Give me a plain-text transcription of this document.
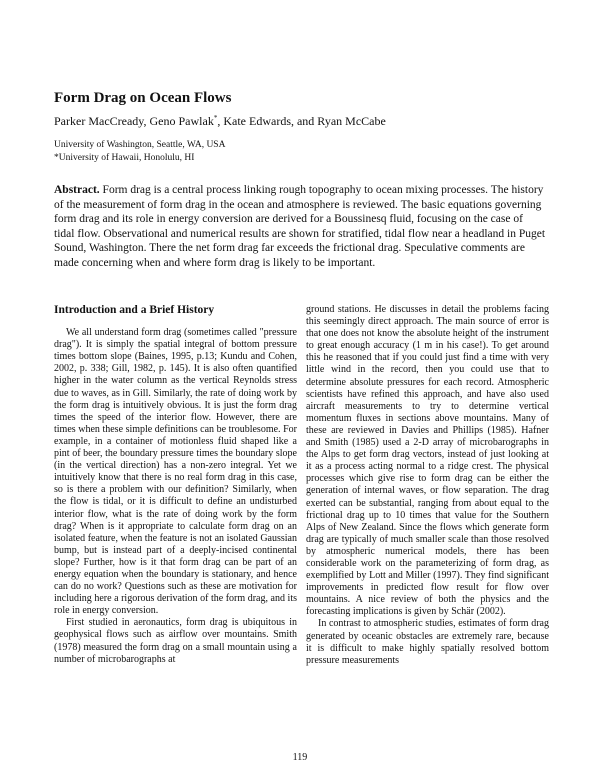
Form Drag on Ocean Flows
Parker MacCready, Geno Pawlak*, Kate Edwards, and Ryan McCabe
University of Washington, Seattle, WA, USA
*University of Hawaii, Honolulu, HI
Abstract. Form drag is a central process linking rough topography to ocean mixing processes. The history of the measurement of form drag in the ocean and atmosphere is reviewed. The basic equations governing form drag and its role in energy conversion are derived for a Boussinesq fluid, focusing on the case of tidal flow. Observational and numerical results are shown for stratified, tidal flow near a headland in Puget Sound, Washington. There the net form drag far exceeds the frictional drag. Speculative comments are made concerning when and where form drag is likely to be important.
Introduction and a Brief History

We all understand form drag (sometimes called "pressure drag"). It is simply the spatial integral of bottom pressure times bottom slope (Baines, 1995, p.13; Kundu and Cohen, 2002, p. 338; Gill, 1982, p. 145). It is also often quantified higher in the water column as the vertical Reynolds stress due to waves, as in Gill. Similarly, the rate of doing work by the form drag is intuitively obvious. It is just the form drag times the speed of the interior flow. However, there are times when these simple definitions can be troublesome. For example, in a container of motionless fluid shaped like a pint of beer, the boundary pressure times the boundary slope (in the vertical direction) has a non-zero integral. Yet we intuitively know that there is no real form drag in this case, so is there a problem with our definition? Similarly, when the flow is tidal, or it is difficult to define an undisturbed interior flow, what is the rate of doing work by the form drag? When is it appropriate to calculate form drag on an isolated feature, when the feature is not an isolated Gaussian bump, but is instead part of a deeply-incised continental slope? Further, how is it that form drag can be part of an energy equation when the boundary is stationary, and hence can do no work? Questions such as these are motivation for including here a rigorous derivation of the form drag, and its role in energy conversion.

First studied in aeronautics, form drag is ubiquitous in geophysical flows such as airflow over mountains. Smith (1978) measured the form drag on a small mountain using a number of microbarographs at

ground stations. He discusses in detail the problems facing this seemingly direct approach. The main source of error is that one does not know the absolute height of the instrument to great enough accuracy (1 m in his case!). To get around this he reasoned that if you could just find a time with very little wind in the record, then you could use that to determine absolute pressures for each record. Atmospheric scientists have refined this approach, and have also used aircraft measurements to try to determine vertical momentum fluxes in sections above mountains. Many of these are reviewed in Davies and Phillips (1985). Hafner and Smith (1985) used a 2-D array of microbarographs in the Alps to get form drag vectors, instead of just looking at it as a process acting normal to a ridge crest. The physical processes which give rise to form drag can be either the generation of internal waves, or flow separation. The drag exerted can be substantial, ranging from about equal to the frictional drag up to 10 times that value for the Southern Alps of New Zealand. Since the flows which generate form drag are typically of much smaller scale than those resolved by atmospheric numerical models, there has been considerable work on the parameterizing of form drag, as exemplified by Lott and Miller (1997). They find significant improvements in predicted flow result for flow over mountains. A nice review of both the physics and the forecasting implications is given by Schär (2002).

In contrast to atmospheric studies, estimates of form drag generated by oceanic obstacles are extremely rare, because it is difficult to make highly spatially resolved bottom pressure measurements

119
